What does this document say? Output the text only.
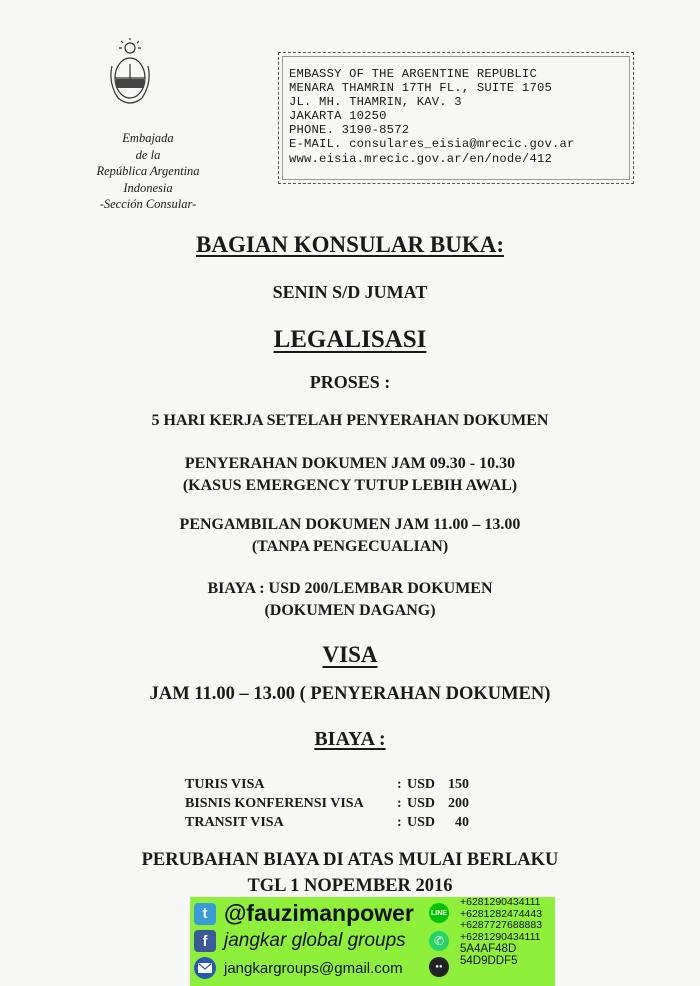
Embajada
de la
República Argentina
Indonesia
-Sección Consular-
EMBASSY OF THE ARGENTINE REPUBLIC
MENARA THAMRIN 17TH FL., SUITE 1705
JL. MH. THAMRIN, KAV. 3
JAKARTA 10250
PHONE. 3190-8572
E-MAIL. consulares_eisia@mrecic.gov.ar
www.eisia.mrecic.gov.ar/en/node/412
BAGIAN KONSULAR BUKA:
SENIN S/D JUMAT
LEGALISASI
PROSES :
5 HARI KERJA SETELAH PENYERAHAN DOKUMEN
PENYERAHAN DOKUMEN JAM 09.30 - 10.30
(KASUS EMERGENCY TUTUP LEBIH AWAL)
PENGAMBILAN DOKUMEN JAM 11.00 – 13.00
(TANPA PENGECUALIAN)
BIAYA : USD 200/LEMBAR DOKUMEN
(DOKUMEN DAGANG)
VISA
JAM 11.00 – 13.00 ( PENYERAHAN DOKUMEN)
BIAYA :
TURIS VISA	: USD 150
BISNIS KONFERENSI VISA : USD 200
TRANSIT VISA	: USD	40
PERUBAHAN BIAYA DI ATAS MULAI BERLAKU
TGL 1 NOPEMBER 2016
t @fauzimanpower
f jangkar global groups
jangkargroups@gmail.com
LINE
✆
●●
+6281290434111
+6281282474443
+6287727688883
+6281290434111
5A4AF48D
54D9DDF5
